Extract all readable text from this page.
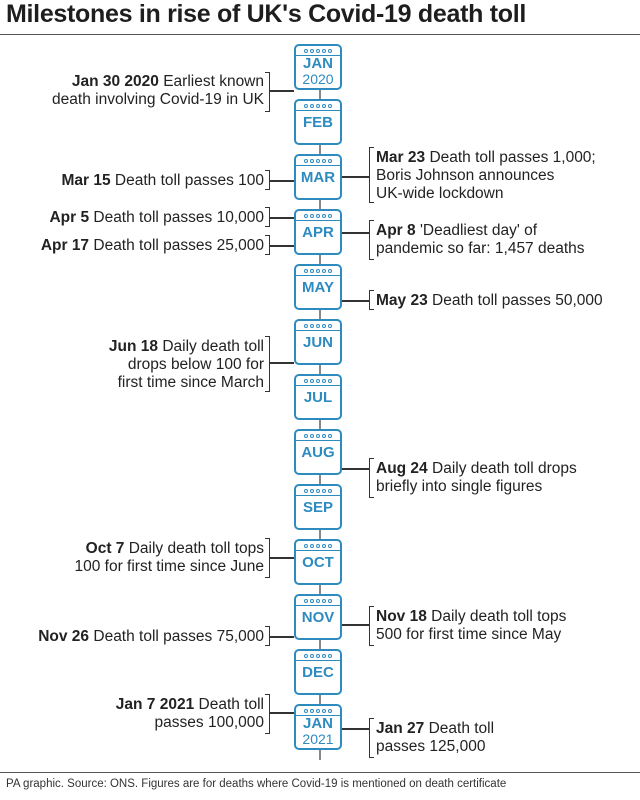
Milestones in rise of UK's Covid-19 death toll
JAN
2020
FEB
MAR
APR
MAY
JUN
JUL
AUG
SEP
OCT
NOV
DEC
JAN
2021
Jan 30 2020 Earliest known
death involving Covid-19 in UK
Mar 15 Death toll passes 100
Apr 5 Death toll passes 10,000
Apr 17 Death toll passes 25,000
Jun 18 Daily death toll
drops below 100 for
first time since March
Oct 7 Daily death toll tops
100 for first time since June
Nov 26 Death toll passes 75,000
Jan 7 2021 Death toll
passes 100,000
Mar 23 Death toll passes 1,000;
Boris Johnson announces
UK-wide lockdown
Apr 8 'Deadliest day' of
pandemic so far: 1,457 deaths
May 23 Death toll passes 50,000
Aug 24 Daily death toll drops
briefly into single figures
Nov 18 Daily death toll tops
500 for first time since May
Jan 27 Death toll
passes 125,000
PA graphic. Source: ONS. Figures are for deaths where Covid-19 is mentioned on death certificate
